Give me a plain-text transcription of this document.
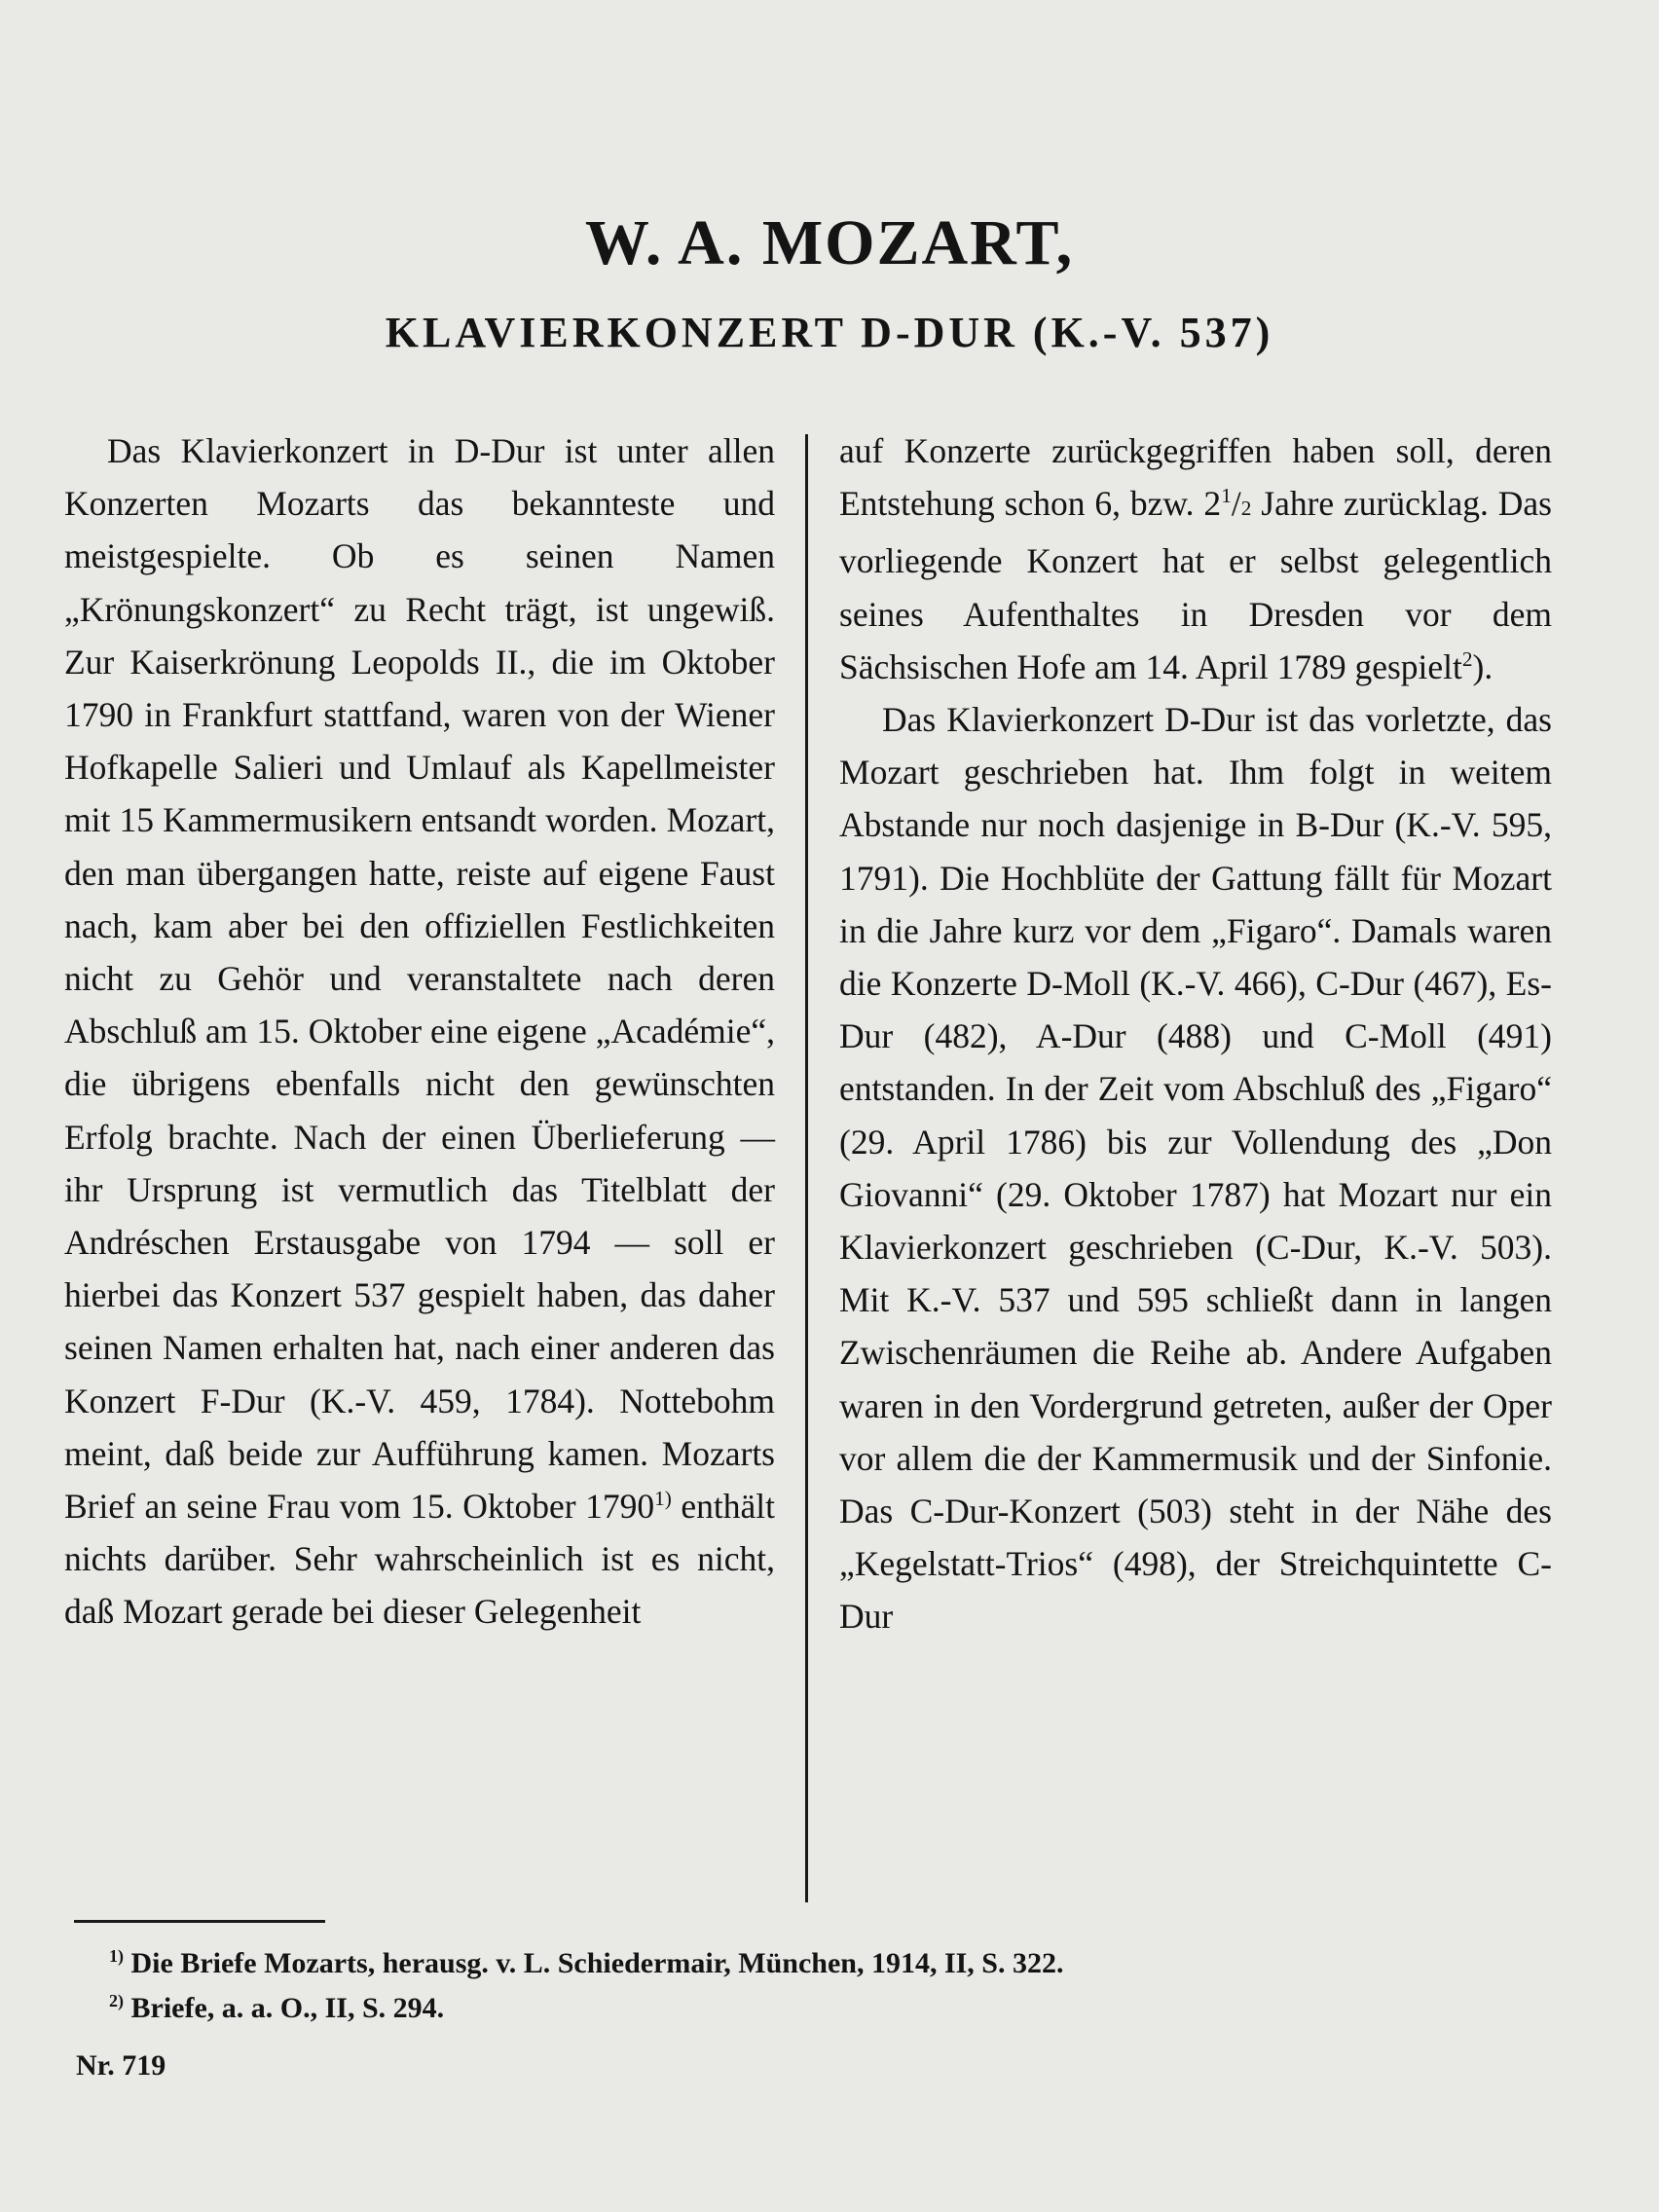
W. A. MOZART,
KLAVIERKONZERT D-DUR (K.-V. 537)

Das Klavierkonzert in D-Dur ist unter allen Konzerten Mozarts das bekannteste und meistgespielte. Ob es seinen Namen „Krönungskonzert“ zu Recht trägt, ist ungewiß. Zur Kaiserkrönung Leopolds II., die im Oktober 1790 in Frankfurt stattfand, waren von der Wiener Hofkapelle Salieri und Umlauf als Kapellmeister mit 15 Kammermusikern entsandt worden. Mozart, den man übergangen hatte, reiste auf eigene Faust nach, kam aber bei den offiziellen Festlichkeiten nicht zu Gehör und veranstaltete nach deren Abschluß am 15. Oktober eine eigene „Académie“, die übrigens ebenfalls nicht den gewünschten Erfolg brachte. Nach der einen Überlieferung — ihr Ursprung ist vermutlich das Titelblatt der Andréschen Erstausgabe von 1794 — soll er hierbei das Konzert 537 gespielt haben, das daher seinen Namen erhalten hat, nach einer anderen das Konzert F-Dur (K.-V. 459, 1784). Nottebohm meint, daß beide zur Aufführung kamen. Mozarts Brief an seine Frau vom 15. Oktober 1790$^{1)}$ enthält nichts darüber. Sehr wahrscheinlich ist es nicht, daß Mozart gerade bei dieser Gelegenheit

auf Konzerte zurückgegriffen haben soll, deren Entstehung schon 6, bzw. $2^1/2$ Jahre zurücklag. Das vorliegende Konzert hat er selbst gelegentlich seines Aufenthaltes in Dresden vor dem Sächsischen Hofe am 14. April 1789 gespielt$^2$).

Das Klavierkonzert D-Dur ist das vorletzte, das Mozart geschrieben hat. Ihm folgt in weitem Abstande nur noch dasjenige in B-Dur (K.-V. 595, 1791). Die Hochblüte der Gattung fällt für Mozart in die Jahre kurz vor dem „Figaro“. Damals waren die Konzerte D-Moll (K.-V. 466), C-Dur (467), Es-Dur (482), A-Dur (488) und C-Moll (491) entstanden. In der Zeit vom Abschluß des „Figaro“ (29. April 1786) bis zur Vollendung des „Don Giovanni“ (29. Oktober 1787) hat Mozart nur ein Klavierkonzert geschrieben (C-Dur, K.-V. 503). Mit K.-V. 537 und 595 schließt dann in langen Zwischenräumen die Reihe ab. Andere Aufgaben waren in den Vordergrund getreten, außer der Oper vor allem die der Kammermusik und der Sinfonie. Das C-Dur-Konzert (503) steht in der Nähe des „Kegelstatt-Trios“ (498), der Streichquintette C-Dur

$^{1)}$ Die Briefe Mozarts, herausg. v. L. Schiedermair, München, 1914, II, S. 322.
$^{2)}$ Briefe, a. a. O., II, S. 294.
Nr. 719
